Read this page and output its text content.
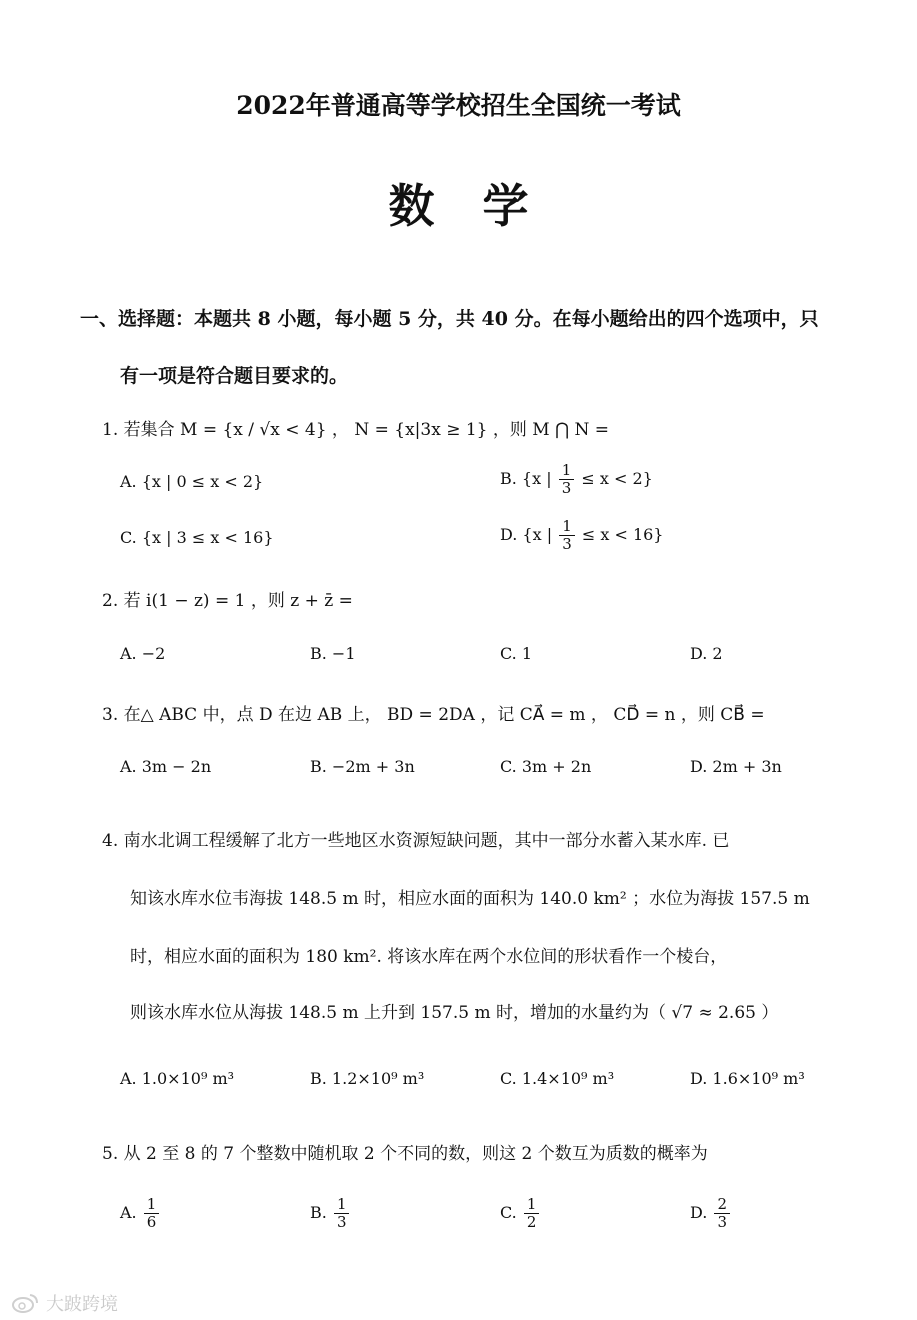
2022年普通高等学校招生全国统一考试
数学
一、选择题：本题共 8 小题，每小题 5 分，共 40 分。在每小题给出的四个选项中，只
有一项是符合题目要求的。
1. 若集合 M = {x / √x < 4} ， N = {x|3x ≥ 1} ，则 M ⋂ N =
A. {x | 0 ≤ x < 2}	B. {x | $\frac{1}{3} \le x < 2$}
C. {x | 3 ≤ x < 16}	D. {x | $\frac{1}{3} \le x < 16$}
2. 若 i(1 − z) = 1 ，则 z + z̄ =
A. −2	B. −1	C. 1	D. 2
3. 在△ ABC 中，点 D 在边 AB 上， BD = 2DA ，记 CA⃗ = m ， CD⃗ = n ，则 CB⃗ =
A. 3m − 2n	B. −2m + 3n	C. 3m + 2n	D. 2m + 3n
4. 南水北调工程缓解了北方一些地区水资源短缺问题，其中一部分水蓄入某水库. 已
知该水库水位韦海拔 148.5 m 时，相应水面的面积为 140.0 km² ；水位为海拔 157.5 m
时，相应水面的面积为 180 km². 将该水库在两个水位间的形状看作一个棱台，
则该水库水位从海拔 148.5 m 上升到 157.5 m 时，增加的水量约为（ √7 ≈ 2.65 ）
A. 1.0×10⁹ m³	B. 1.2×10⁹ m³	C. 1.4×10⁹ m³	D. 1.6×10⁹ m³
5. 从 2 至 8 的 7 个整数中随机取 2 个不同的数，则这 2 个数互为质数的概率为
A. $\frac{1}{6}$	B. $\frac{1}{3}$	C. $\frac{1}{2}$	D. $\frac{2}{3}$
大跛跨境
